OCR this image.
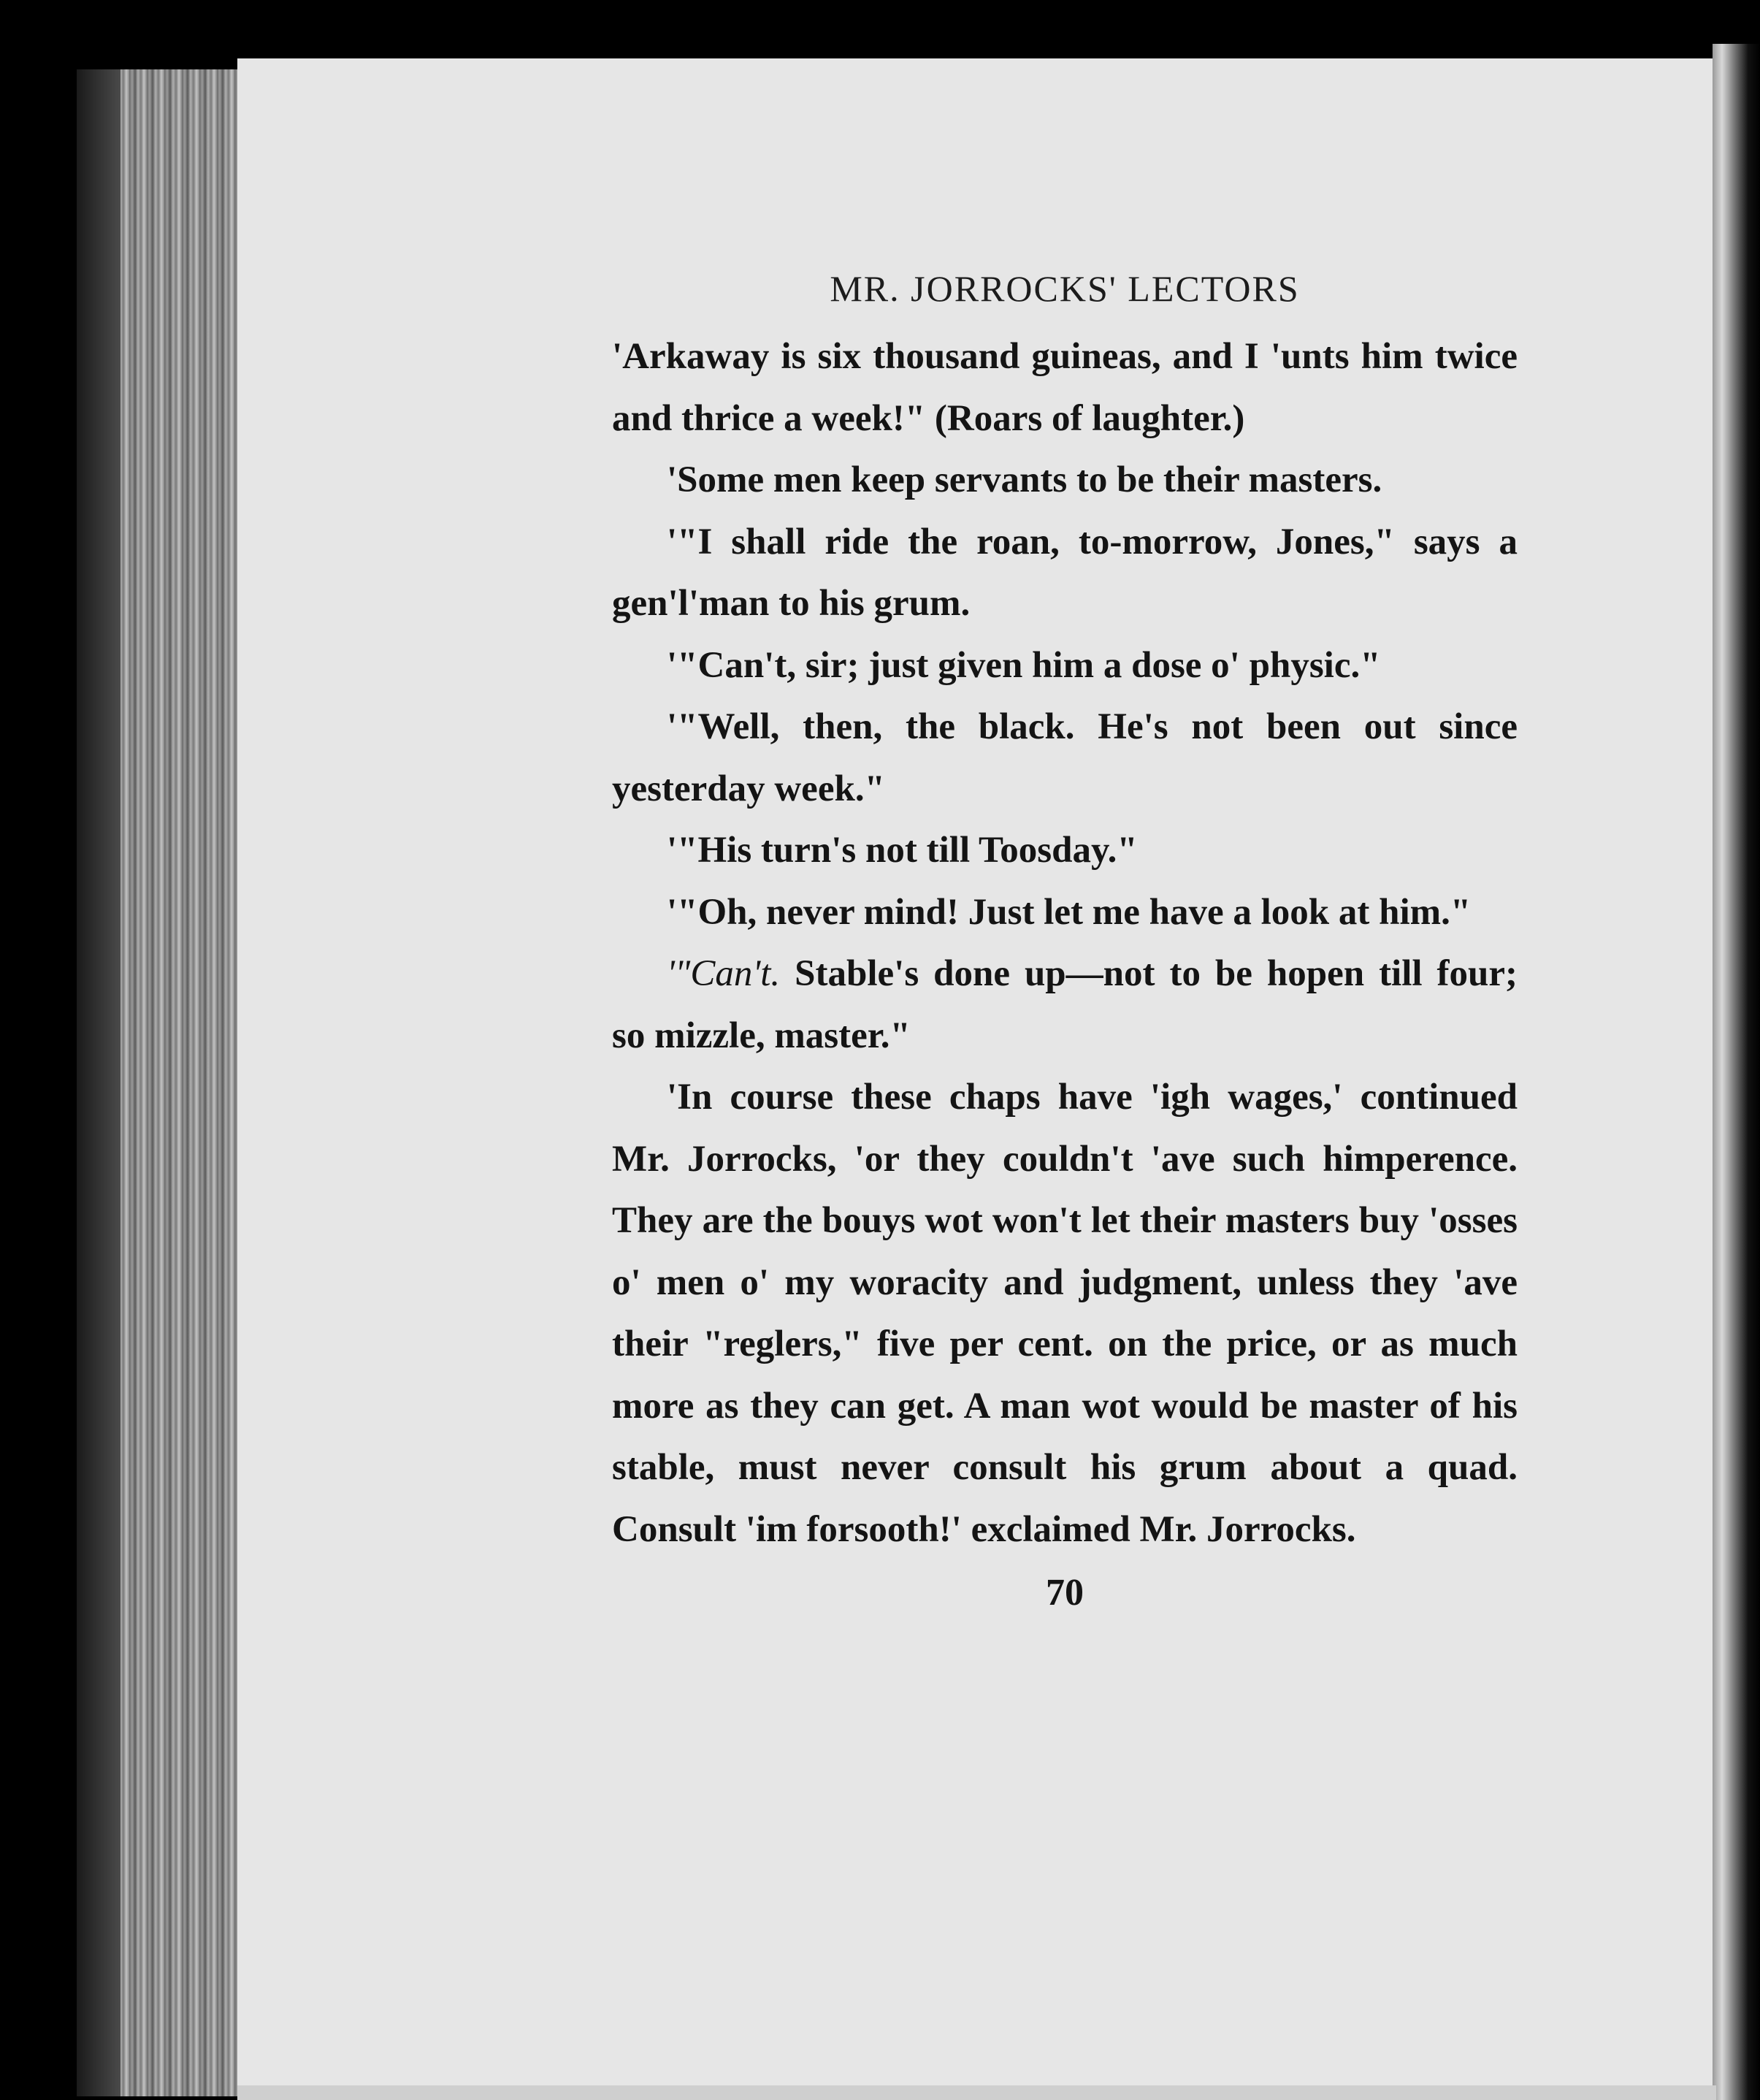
MR. JORROCKS' LECTORS

'Arkaway is six thousand guineas, and I 'unts him twice and thrice a week!" (Roars of laughter.)

'Some men keep servants to be their masters.

'"I shall ride the roan, to-morrow, Jones," says a gen'l'man to his grum.

'"Can't, sir; just given him a dose o' physic."

'"Well, then, the black. He's not been out since yesterday week."

'"His turn's not till Toosday."

'"Oh, never mind! Just let me have a look at him."

'"Can't. Stable's done up—not to be hopen till four; so mizzle, master."

'In course these chaps have 'igh wages,' continued Mr. Jorrocks, 'or they couldn't 'ave such himperence. They are the bouys wot won't let their masters buy 'osses o' men o' my woracity and judgment, unless they 'ave their "reglers," five per cent. on the price, or as much more as they can get. A man wot would be master of his stable, must never consult his grum about a quad. Consult 'im forsooth!' exclaimed Mr. Jorrocks.

70
